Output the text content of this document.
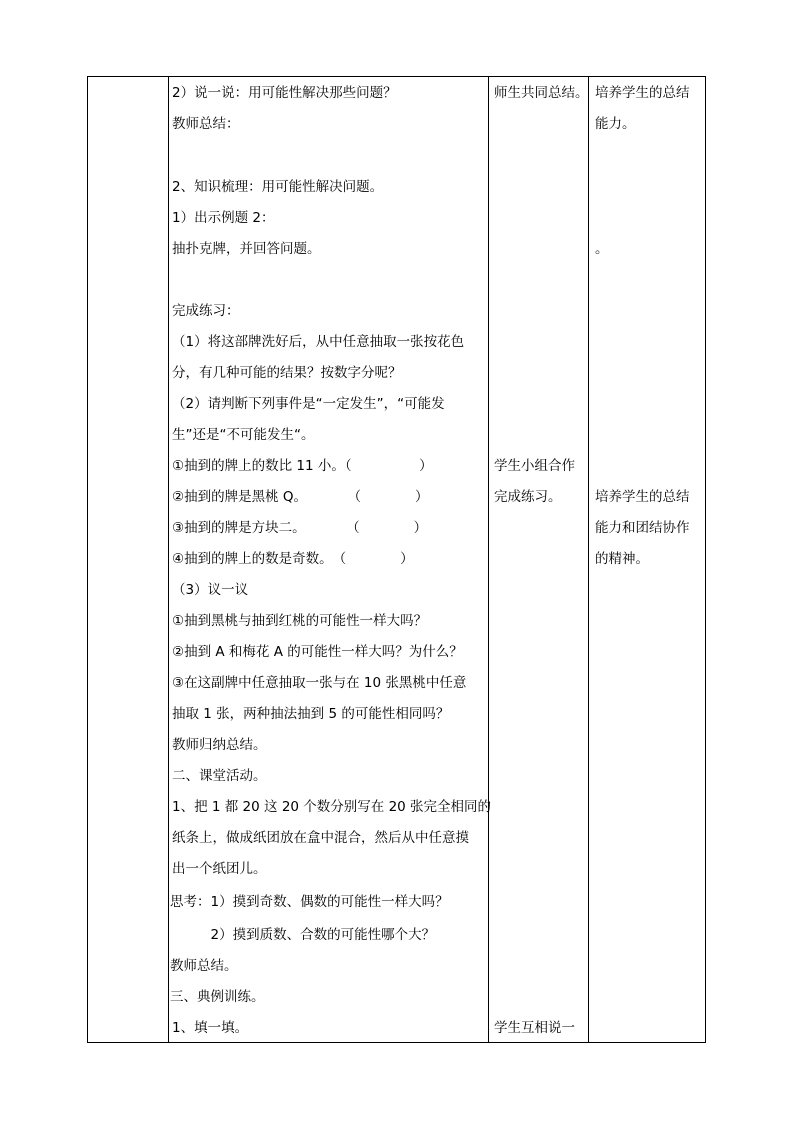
2）说一说：用可能性解决那些问题？
教师总结：
2、知识梳理：用可能性解决问题。
1）出示例题 2：
抽扑克牌，并回答问题。
完成练习：
（1）将这部牌洗好后，从中任意抽取一张按花色
分，有几种可能的结果？按数字分呢？
（2）请判断下列事件是“一定发生”，“可能发
生”还是“不可能发生“。
①抽到的牌上的数比 11 小。（　　　　　）
②抽到的牌是黑桃 Q。　　　　（　　　　）
③抽到的牌是方块二。　　　　（　　　　）
④抽到的牌上的数是奇数。　（　　　　）
（3）议一议
①抽到黑桃与抽到红桃的可能性一样大吗？
②抽到 A 和梅花 A 的可能性一样大吗？为什么？
③在这副牌中任意抽取一张与在 10 张黑桃中任意
抽取 1 张，两种抽法抽到 5 的可能性相同吗？
教师归纳总结。
二、课堂活动。
1、把 1 都 20 这 20 个数分别写在 20 张完全相同的
纸条上，做成纸团放在盒中混合，然后从中任意摸
出一个纸团儿。
思考：1）摸到奇数、偶数的可能性一样大吗？
　　　2）摸到质数、合数的可能性哪个大？
教师总结。
三、典例训练。
1、填一填。
师生共同总结。
学生小组合作
完成练习。
学生互相说一
培养学生的总结
能力。
。
培养学生的总结
能力和团结协作
的精神。
